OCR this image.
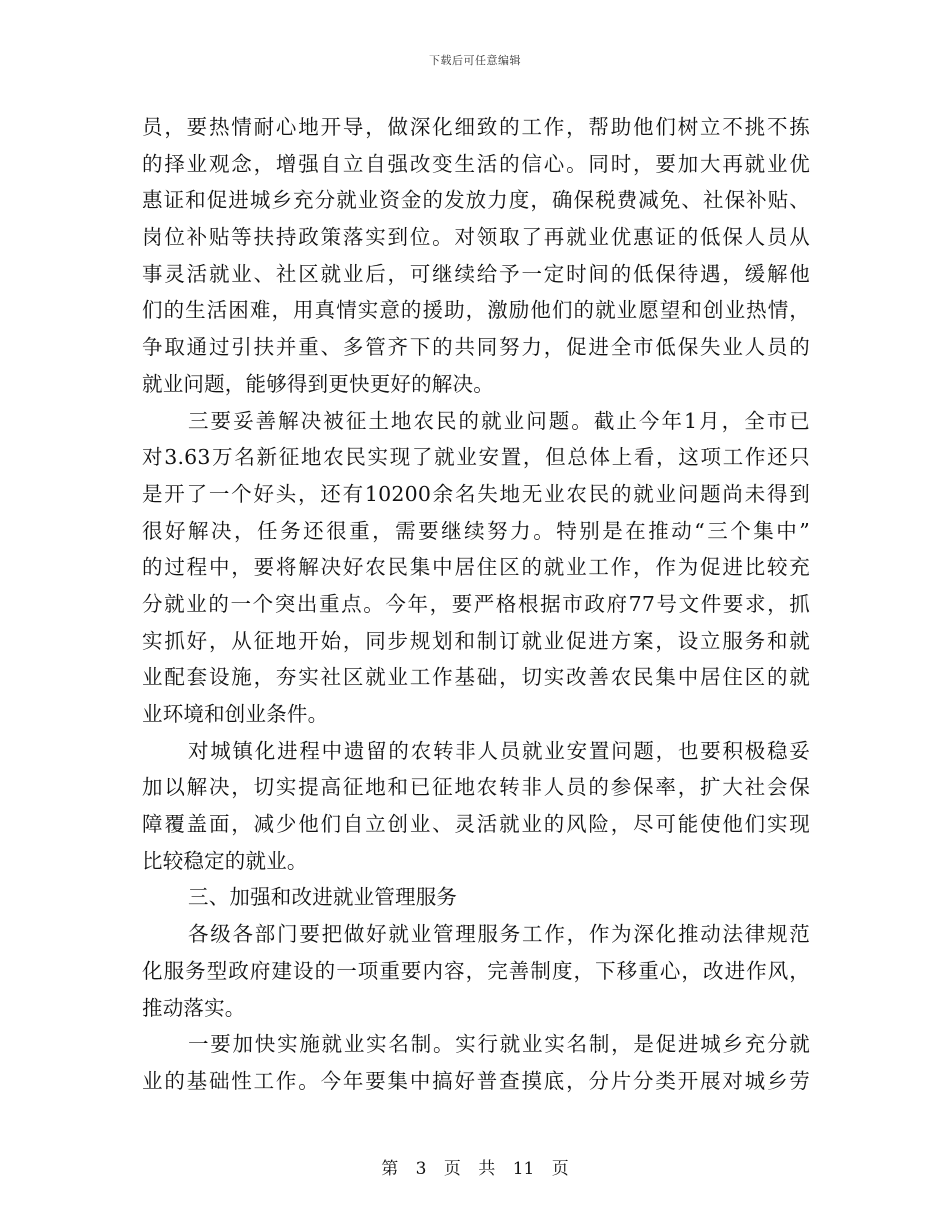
下载后可任意编辑
员，要热情耐心地开导，做深化细致的工作，帮助他们树立不挑不拣
的择业观念，增强自立自强改变生活的信心。同时，要加大再就业优
惠证和促进城乡充分就业资金的发放力度，确保税费减免、社保补贴、
岗位补贴等扶持政策落实到位。对领取了再就业优惠证的低保人员从
事灵活就业、社区就业后，可继续给予一定时间的低保待遇，缓解他
们的生活困难，用真情实意的援助，激励他们的就业愿望和创业热情，
争取通过引扶并重、多管齐下的共同努力，促进全市低保失业人员的
就业问题，能够得到更快更好的解决。
三要妥善解决被征土地农民的就业问题。截止今年1月，全市已
对3.63万名新征地农民实现了就业安置，但总体上看，这项工作还只
是开了一个好头，还有10200余名失地无业农民的就业问题尚未得到
很好解决，任务还很重，需要继续努力。特别是在推动“三个集中”
的过程中，要将解决好农民集中居住区的就业工作，作为促进比较充
分就业的一个突出重点。今年，要严格根据市政府77号文件要求，抓
实抓好，从征地开始，同步规划和制订就业促进方案，设立服务和就
业配套设施，夯实社区就业工作基础，切实改善农民集中居住区的就
业环境和创业条件。
对城镇化进程中遗留的农转非人员就业安置问题，也要积极稳妥
加以解决，切实提高征地和已征地农转非人员的参保率，扩大社会保
障覆盖面，减少他们自立创业、灵活就业的风险，尽可能使他们实现
比较稳定的就业。
三、加强和改进就业管理服务
各级各部门要把做好就业管理服务工作，作为深化推动法律规范
化服务型政府建设的一项重要内容，完善制度，下移重心，改进作风，
推动落实。
一要加快实施就业实名制。实行就业实名制，是促进城乡充分就
业的基础性工作。今年要集中搞好普查摸底，分片分类开展对城乡劳
第 3 页 共 11 页
